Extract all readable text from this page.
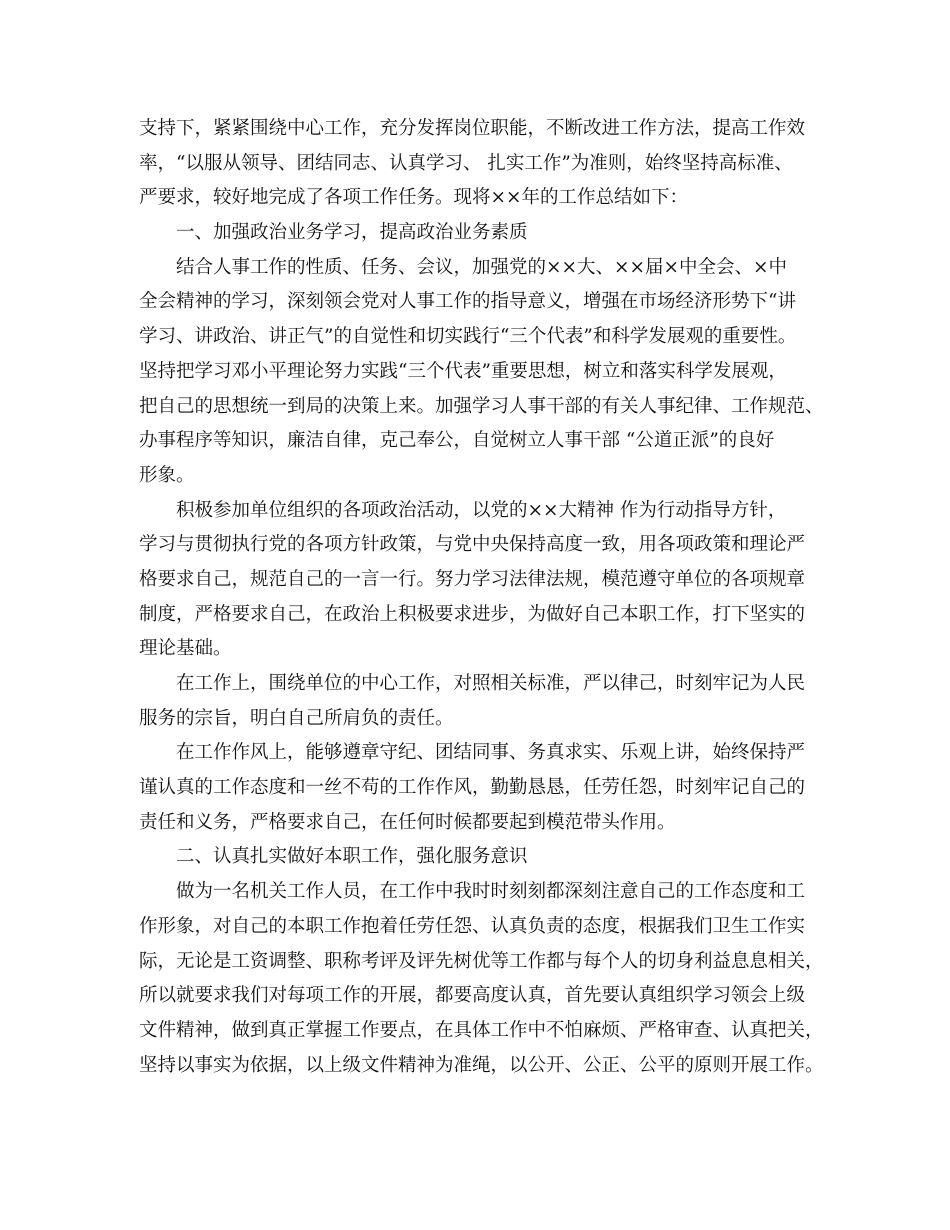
支持下，紧紧围绕中心工作，充分发挥岗位职能，不断改进工作方法，提高工作效
率，“以服从领导、团结同志、认真学习、 扎实工作”为准则，始终坚持高标准、
严要求，较好地完成了各项工作任务。现将××年的工作总结如下：
一、加强政治业务学习，提高政治业务素质
结合人事工作的性质、任务、会议，加强党的××大、××届×中全会、×中
全会精神的学习，深刻领会党对人事工作的指导意义，增强在市场经济形势下“讲
学习、讲政治、讲正气”的自觉性和切实践行“三个代表”和科学发展观的重要性。
坚持把学习邓小平理论努力实践“三个代表”重要思想，树立和落实科学发展观，
把自己的思想统一到局的决策上来。加强学习人事干部的有关人事纪律、工作规范、
办事程序等知识，廉洁自律，克己奉公，自觉树立人事干部 “公道正派”的良好
形象。
积极参加单位组织的各项政治活动，以党的××大精神 作为行动指导方针，
学习与贯彻执行党的各项方针政策，与党中央保持高度一致，用各项政策和理论严
格要求自己，规范自己的一言一行。努力学习法律法规，模范遵守单位的各项规章
制度，严格要求自己，在政治上积极要求进步，为做好自己本职工作，打下坚实的
理论基础。
在工作上，围绕单位的中心工作，对照相关标准，严以律己，时刻牢记为人民
服务的宗旨，明白自己所肩负的责任。
在工作作风上，能够遵章守纪、团结同事、务真求实、乐观上讲，始终保持严
谨认真的工作态度和一丝不苟的工作作风，勤勤恳恳，任劳任怨，时刻牢记自己的
责任和义务，严格要求自己，在任何时候都要起到模范带头作用。
二、认真扎实做好本职工作，强化服务意识
做为一名机关工作人员，在工作中我时时刻刻都深刻注意自己的工作态度和工
作形象，对自己的本职工作抱着任劳任怨、认真负责的态度，根据我们卫生工作实
际，无论是工资调整、职称考评及评先树优等工作都与每个人的切身利益息息相关，
所以就要求我们对每项工作的开展，都要高度认真，首先要认真组织学习领会上级
文件精神，做到真正掌握工作要点，在具体工作中不怕麻烦、严格审查、认真把关，
坚持以事实为依据，以上级文件精神为准绳，以公开、公正、公平的原则开展工作。
